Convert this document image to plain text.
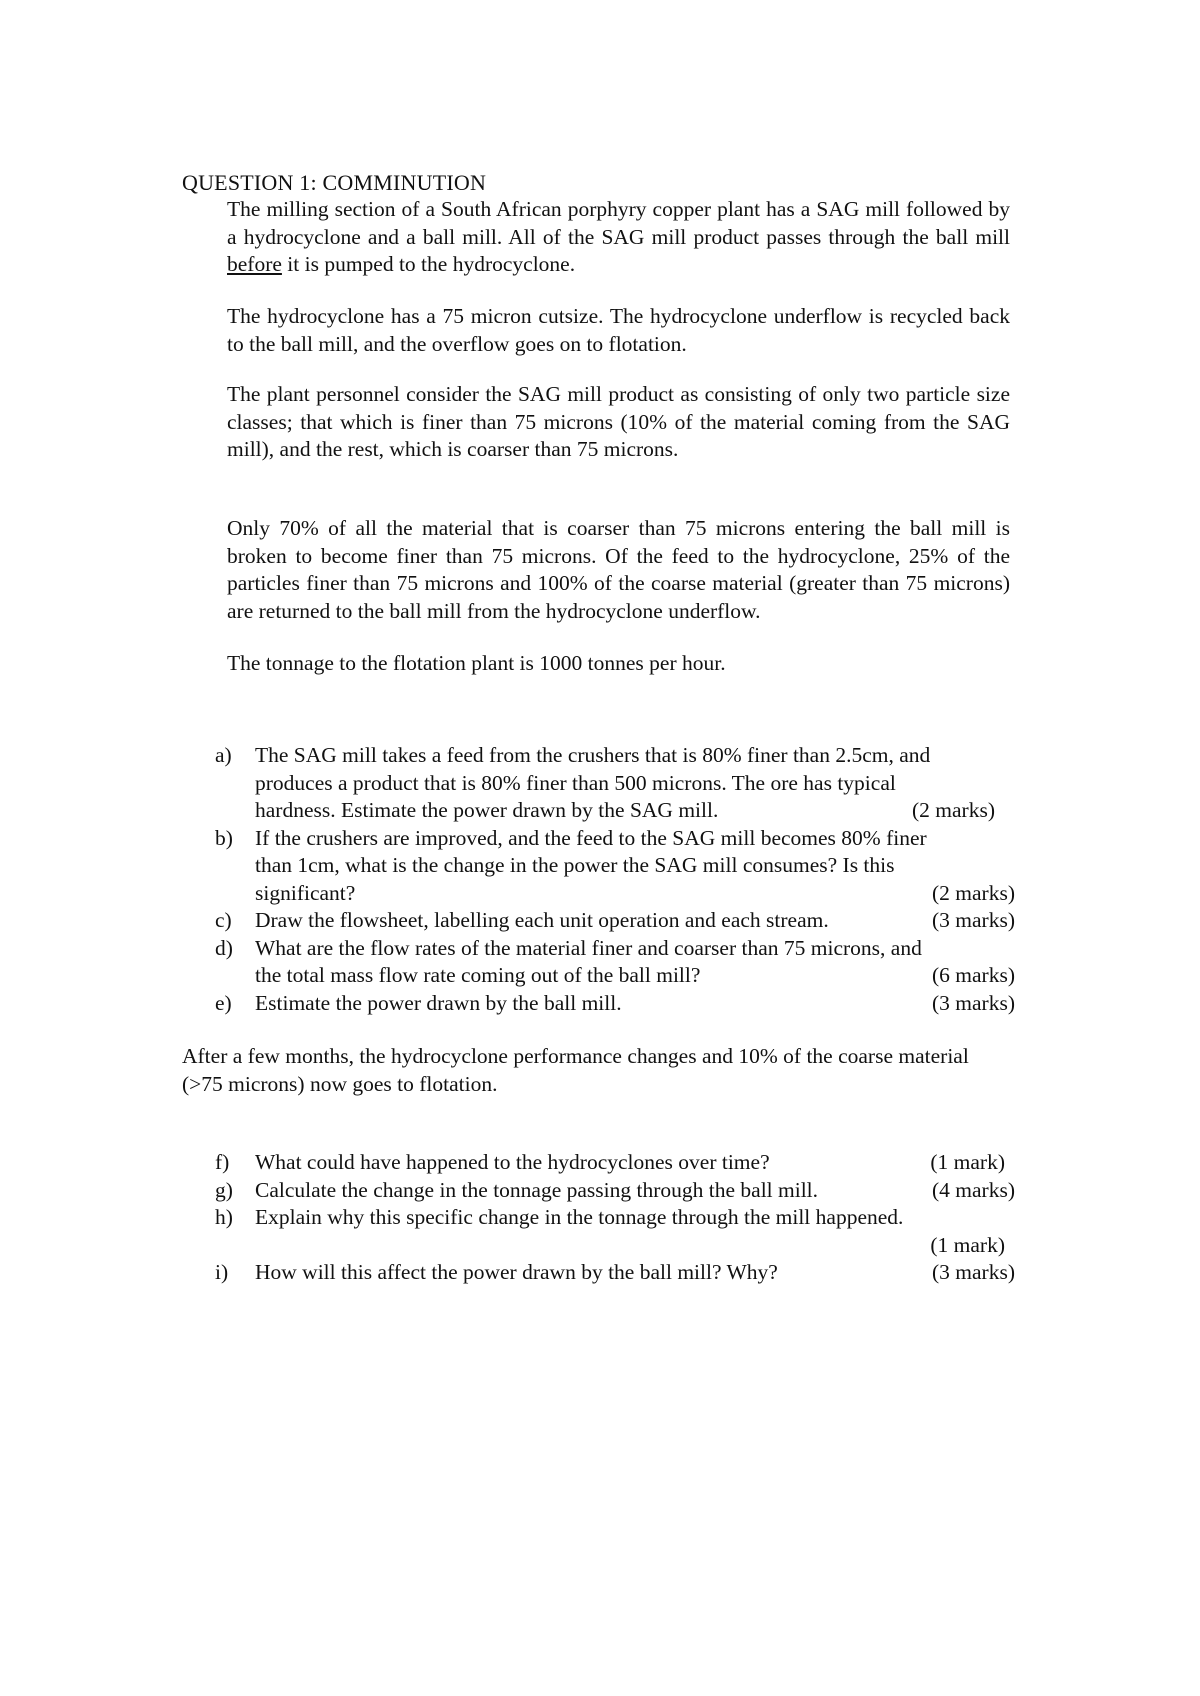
QUESTION 1: COMMINUTION

The milling section of a South African porphyry copper plant has a SAG mill followed by a hydrocyclone and a ball mill. All of the SAG mill product passes through the ball mill before it is pumped to the hydrocyclone.

The hydrocyclone has a 75 micron cutsize. The hydrocyclone underflow is recycled back to the ball mill, and the overflow goes on to flotation.

The plant personnel consider the SAG mill product as consisting of only two particle size classes; that which is finer than 75 microns (10% of the material coming from the SAG mill), and the rest, which is coarser than 75 microns.

Only 70% of all the material that is coarser than 75 microns entering the ball mill is broken to become finer than 75 microns. Of the feed to the hydrocyclone, 25% of the particles finer than 75 microns and 100% of the coarse material (greater than 75 microns) are returned to the ball mill from the hydrocyclone underflow.

The tonnage to the flotation plant is 1000 tonnes per hour.

a)	The SAG mill takes a feed from the crushers that is 80% finer than 2.5cm, and
produces a product that is 80% finer than 500 microns. The ore has typical
hardness. Estimate the power drawn by the SAG mill.	(2 marks)
b)	If the crushers are improved, and the feed to the SAG mill becomes 80% finer
than 1cm, what is the change in the power the SAG mill consumes? Is this
significant?	(2 marks)
c)	Draw the flowsheet, labelling each unit operation and each stream.	(3 marks)
d)	What are the flow rates of the material finer and coarser than 75 microns, and
the total mass flow rate coming out of the ball mill?	(6 marks)
e)	Estimate the power drawn by the ball mill.	(3 marks)

After a few months, the hydrocyclone performance changes and 10% of the coarse material (>75 microns) now goes to flotation.

f)	What could have happened to the hydrocyclones over time?	(1 mark)
g)	Calculate the change in the tonnage passing through the ball mill.	(4 marks)
h)	Explain why this specific change in the tonnage through the mill happened.
(1 mark)
i)	How will this affect the power drawn by the ball mill? Why?	(3 marks)
